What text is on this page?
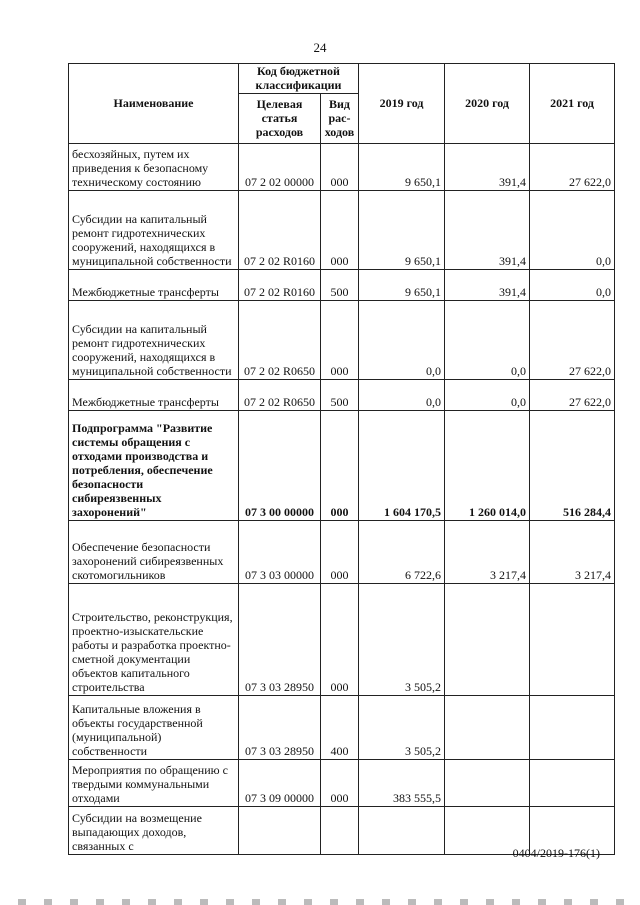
24
Наименование	Код бюджетной классификации		2019 год	2020 год	2021 год
	Целевая статья расходов	Вид рас-ходов			
бесхозяйных, путем их приведения к безопасному техническому состоянию	07 2 02 00000	000	9 650,1	391,4	27 622,0
Субсидии на капитальный ремонт гидротехнических сооружений, находящихся в муниципальной собственности	07 2 02 R0160	000	9 650,1	391,4	0,0
Межбюджетные трансферты	07 2 02 R0160	500	9 650,1	391,4	0,0
Субсидии на капитальный ремонт гидротехнических сооружений, находящихся в муниципальной собственности	07 2 02 R0650	000	0,0	0,0	27 622,0
Межбюджетные трансферты	07 2 02 R0650	500	0,0	0,0	27 622,0
Подпрограмма "Развитие системы обращения с отходами производства и потребления, обеспечение безопасности сибиреязвенных захоронений"	07 3 00 00000	000	1 604 170,5	1 260 014,0	516 284,4
Обеспечение безопасности захоронений сибиреязвенных скотомогильников	07 3 03 00000	000	6 722,6	3 217,4	3 217,4
Строительство, реконструкция, проектно-изыскательские работы и разработка проектно-сметной документации объектов капитального строительства	07 3 03 28950	000	3 505,2		
Капитальные вложения в объекты государственной (муниципальной) собственности	07 3 03 28950	400	3 505,2		
Мероприятия по обращению с твердыми коммунальными отходами	07 3 09 00000	000	383 555,5		
Субсидии на возмещение выпадающих доходов, связанных с						0404/2019-176(1)
